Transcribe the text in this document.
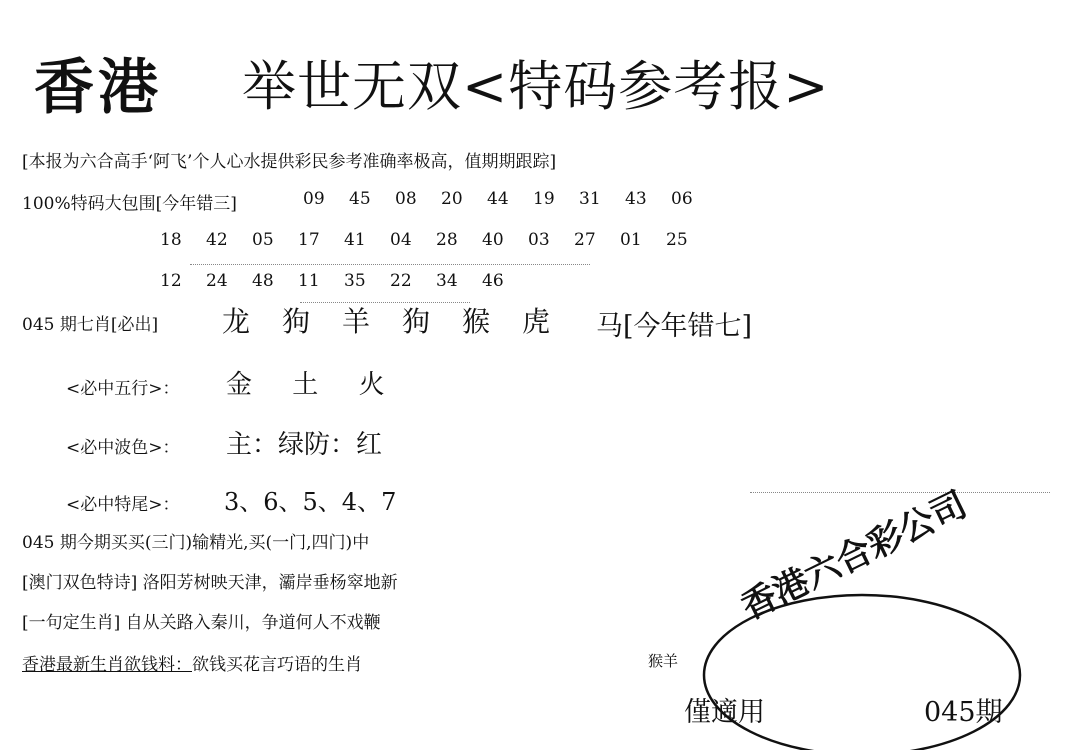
香港 举世无双<特码参考报>
[本报为六合高手‘阿飞’个人心水提供彩民参考准确率极高，值期期跟踪]
100%特码大包围[今年错三]	09	45	08	20	44	19	31	43	06
18	42	05	17	41	04	28	40	03	27	01	25
12	24	48	11	35	22	34	46
045 期七肖[必出] 龙	狗	羊	狗	猴	虎	马[今年错七]
<必中五行>： 金 土 火
<必中波色>： 主：绿防：红
<必中特尾>： 3、6、5、4、7
045 期今期买买(三门)输精光,买(一门,四门)中
[澳门双色特诗] 洛阳芳树映天津，灞岸垂杨窣地新
[一句定生肖] 自从关路入秦川，争道何人不戏鞭
香港最新生肖欲钱料：欲钱买花言巧语的生肖	猴羊
香港六合彩公司
僅適用	045期
